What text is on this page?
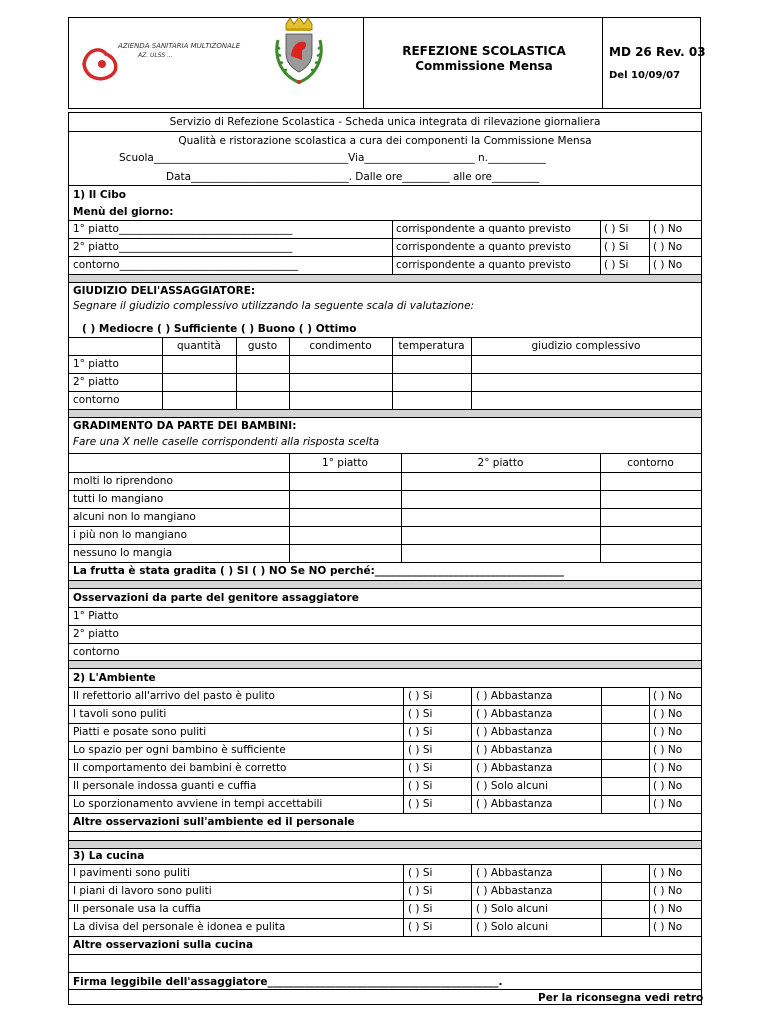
AZIENDA SANITARIA MULTIZONALE
AZ. ULSS ...	REFEZIONE SCOLASTICA
Commissione Mensa
MD 26 Rev. 03
Del 10/09/07
Servizio di Refezione Scolastica - Scheda unica integrata di rilevazione giornaliera
Qualità e ristorazione scolastica a cura dei componenti la Commissione Mensa
Scuola_____________________________________Via_____________________ n.___________
Data______________________________. Dalle ore_________ alle ore_________
1) Il Cibo
Menù del giorno:
1° piatto_________________________________	corrispondente a quanto previsto	( ) Si ( ) No
2° piatto_________________________________	corrispondente a quanto previsto	( ) Si ( ) No
contorno__________________________________	corrispondente a quanto previsto	( ) Si ( ) No
GIUDIZIO DELl'ASSAGGIATORE:
Segnare il giudizio complessivo utilizzando la seguente scala di valutazione:
( ) Mediocre ( ) Sufficiente ( ) Buono ( ) Ottimo
quantità	gusto	condimento	temperatura	giudizio complessivo
1° piatto
2° piatto
contorno
GRADIMENTO DA PARTE DEI BAMBINI:
Fare una X nelle caselle corrispondenti alla risposta scelta
1° piatto	2° piatto	contorno
molti lo riprendono
tutti lo mangiano
alcuni non lo mangiano
i più non lo mangiano
nessuno lo mangia
La frutta è stata gradita ( ) SI ( ) NO Se NO perché:____________________________________
Osservazioni da parte del genitore assaggiatore
1° Piatto
2° piatto
contorno
2) L'Ambiente
Il refettorio all'arrivo del pasto è pulito	( ) Si	( ) Abbastanza	( ) No
I tavoli sono puliti	( ) Si	( ) Abbastanza	( ) No
Piatti e posate sono puliti	( ) Si	( ) Abbastanza	( ) No
Lo spazio per ogni bambino è sufficiente	( ) Si	( ) Abbastanza	( ) No
Il comportamento dei bambini è corretto	( ) Si	( ) Abbastanza	( ) No
Il personale indossa guanti e cuffia	( ) Si	( ) Solo alcuni	( ) No
Lo sporzionamento avviene in tempi accettabili	( ) Si	( ) Abbastanza	( ) No
Altre osservazioni sull'ambiente ed il personale
3) La cucina
I pavimenti sono puliti	( ) Si	( ) Abbastanza	( ) No
I piani di lavoro sono puliti	( ) Si	( ) Abbastanza	( ) No
Il personale usa la cuffia	( ) Si	( ) Solo alcuni	( ) No
La divisa del personale è idonea e pulita	( ) Si	( ) Solo alcuni	( ) No
Altre osservazioni sulla cucina
Firma leggibile dell'assaggiatore____________________________________________.
Per la riconsegna vedi retro
